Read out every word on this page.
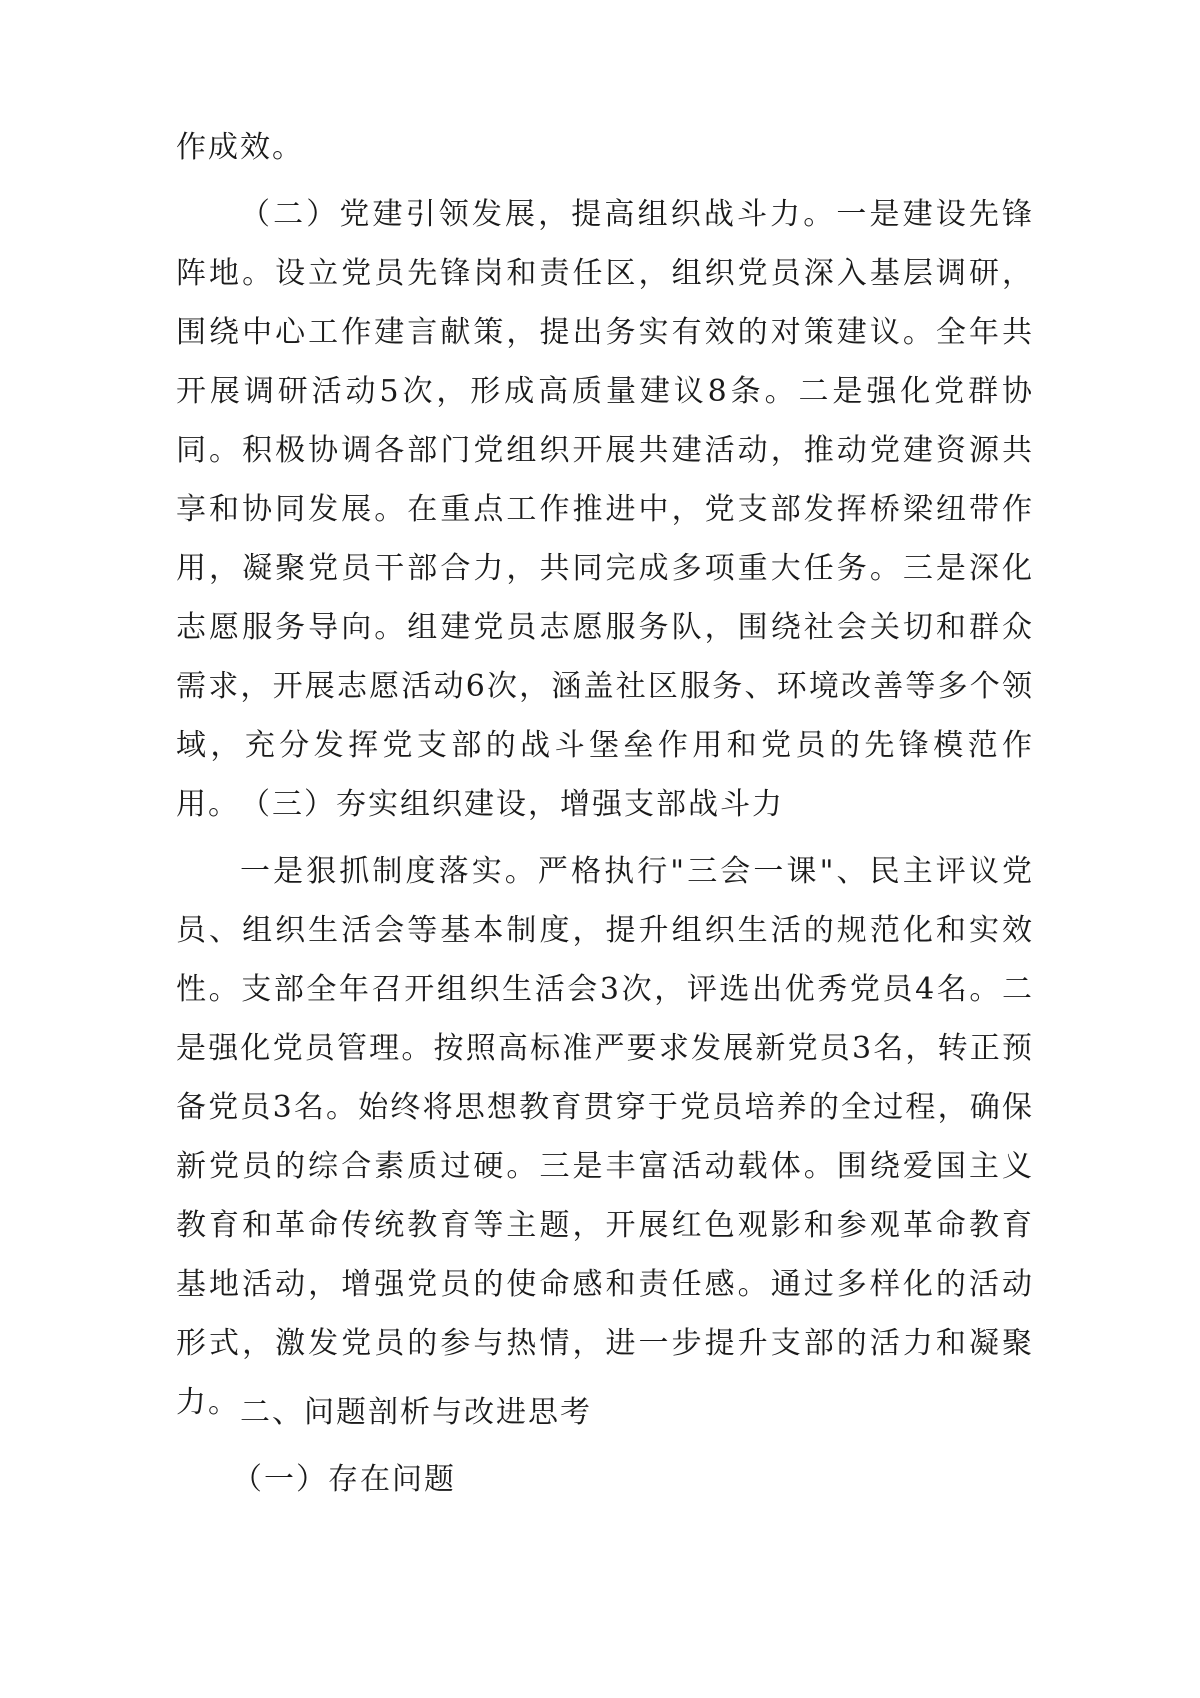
作成效。

（二）党建引领发展，提高组织战斗力。一是建设先锋阵地。设立党员先锋岗和责任区，组织党员深入基层调研，围绕中心工作建言献策，提出务实有效的对策建议。全年共开展调研活动5次，形成高质量建议8条。二是强化党群协同。积极协调各部门党组织开展共建活动，推动党建资源共享和协同发展。在重点工作推进中，党支部发挥桥梁纽带作用，凝聚党员干部合力，共同完成多项重大任务。三是深化志愿服务导向。组建党员志愿服务队，围绕社会关切和群众需求，开展志愿活动6次，涵盖社区服务、环境改善等多个领域，充分发挥党支部的战斗堡垒作用和党员的先锋模范作用。 （三）夯实组织建设，增强支部战斗力

一是狠抓制度落实。严格执行"三会一课"、民主评议党员、组织生活会等基本制度，提升组织生活的规范化和实效性。支部全年召开组织生活会3次，评选出优秀党员4名。二是强化党员管理。按照高标准严要求发展新党员3名，转正预备党员3名。始终将思想教育贯穿于党员培养的全过程，确保新党员的综合素质过硬。三是丰富活动载体。围绕爱国主义教育和革命传统教育等主题，开展红色观影和参观革命教育基地活动，增强党员的使命感和责任感。通过多样化的活动形式，激发党员的参与热情，进一步提升支部的活力和凝聚力。 二、问题剖析与改进思考

（一）存在问题
